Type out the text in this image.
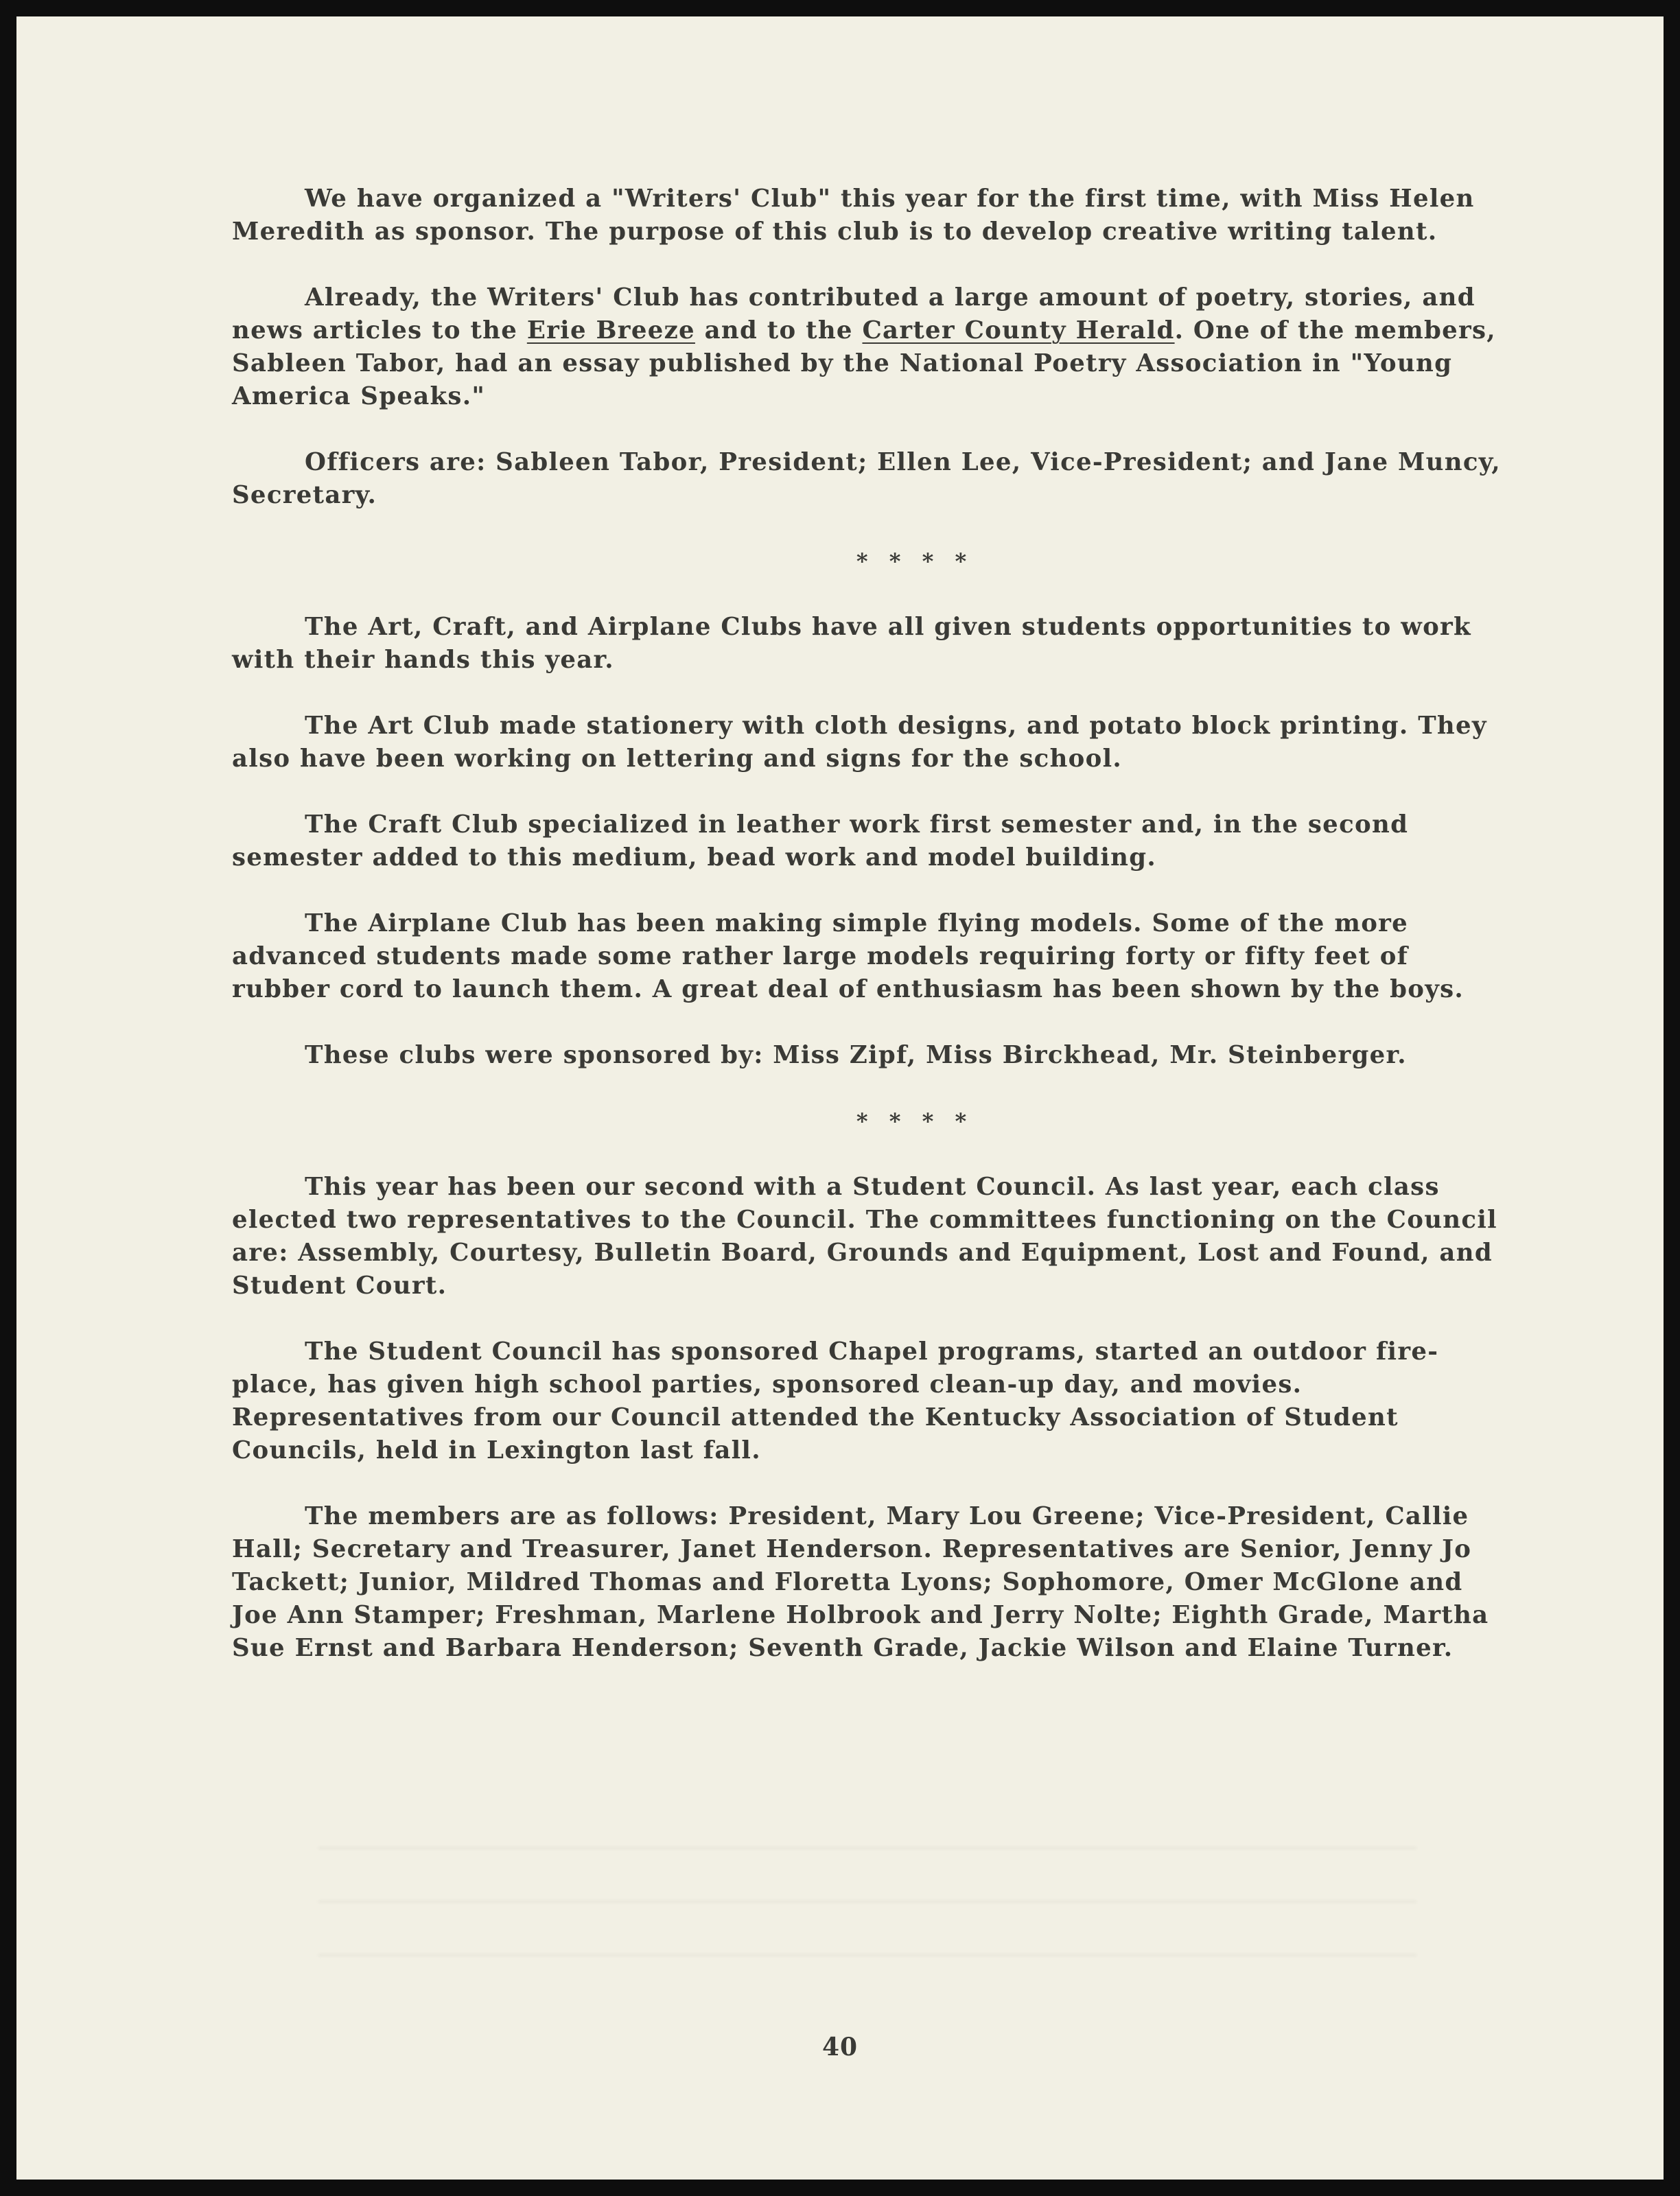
We have organized a "Writers' Club" this year for the first time, with Miss Helen Meredith as sponsor. The purpose of this club is to develop creative writing talent.

Already, the Writers' Club has contributed a large amount of poetry, stories, and news articles to the Erie Breeze and to the Carter County Herald. One of the members, Sableen Tabor, had an essay published by the National Poetry Association in "Young America Speaks."

Officers are: Sableen Tabor, President; Ellen Lee, Vice-President; and Jane Muncy, Secretary.

* * * *

The Art, Craft, and Airplane Clubs have all given students opportunities to work with their hands this year.

The Art Club made stationery with cloth designs, and potato block printing. They also have been working on lettering and signs for the school.

The Craft Club specialized in leather work first semester and, in the second semester added to this medium, bead work and model building.

The Airplane Club has been making simple flying models. Some of the more advanced students made some rather large models requiring forty or fifty feet of rubber cord to launch them. A great deal of enthusiasm has been shown by the boys.

These clubs were sponsored by: Miss Zipf, Miss Birckhead, Mr. Steinberger.

* * * *

This year has been our second with a Student Council. As last year, each class elected two representatives to the Council. The committees functioning on the Council are: Assembly, Courtesy, Bulletin Board, Grounds and Equipment, Lost and Found, and Student Court.

The Student Council has sponsored Chapel programs, started an outdoor fire-place, has given high school parties, sponsored clean-up day, and movies. Representatives from our Council attended the Kentucky Association of Student Councils, held in Lexington last fall.

The members are as follows: President, Mary Lou Greene; Vice-President, Callie Hall; Secretary and Treasurer, Janet Henderson. Representatives are Senior, Jenny Jo Tackett; Junior, Mildred Thomas and Floretta Lyons; Sophomore, Omer McGlone and Joe Ann Stamper; Freshman, Marlene Holbrook and Jerry Nolte; Eighth Grade, Martha Sue Ernst and Barbara Henderson; Seventh Grade, Jackie Wilson and Elaine Turner.

40
